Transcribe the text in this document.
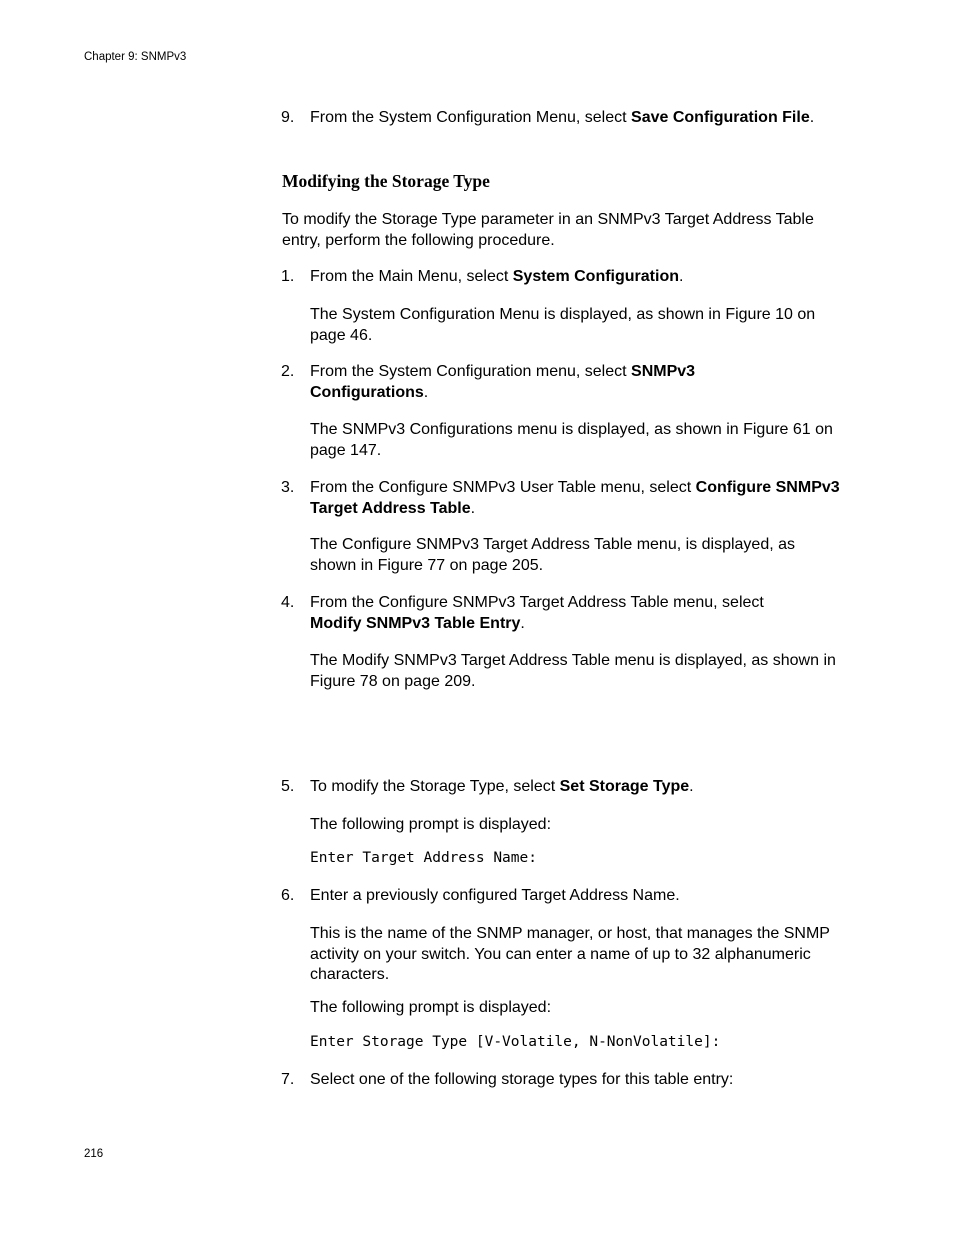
Chapter 9: SNMPv3
9. From the System Configuration Menu, select Save Configuration File.
Modifying the Storage Type
To modify the Storage Type parameter in an SNMPv3 Target Address Table entry, perform the following procedure.
1. From the Main Menu, select System Configuration.
The System Configuration Menu is displayed, as shown in Figure 10 on page 46.
2. From the System Configuration menu, select SNMPv3 Configurations.
The SNMPv3 Configurations menu is displayed, as shown in Figure 61 on page 147.
3. From the Configure SNMPv3 User Table menu, select Configure SNMPv3 Target Address Table.
The Configure SNMPv3 Target Address Table menu, is displayed, as shown in Figure 77 on page 205.
4. From the Configure SNMPv3 Target Address Table menu, select Modify SNMPv3 Table Entry.
The Modify SNMPv3 Target Address Table menu is displayed, as shown in Figure 78 on page 209.
5. To modify the Storage Type, select Set Storage Type.
The following prompt is displayed:
Enter Target Address Name:
6. Enter a previously configured Target Address Name.
This is the name of the SNMP manager, or host, that manages the SNMP activity on your switch. You can enter a name of up to 32 alphanumeric characters.
The following prompt is displayed:
Enter Storage Type [V-Volatile, N-NonVolatile]:
7. Select one of the following storage types for this table entry:
216
